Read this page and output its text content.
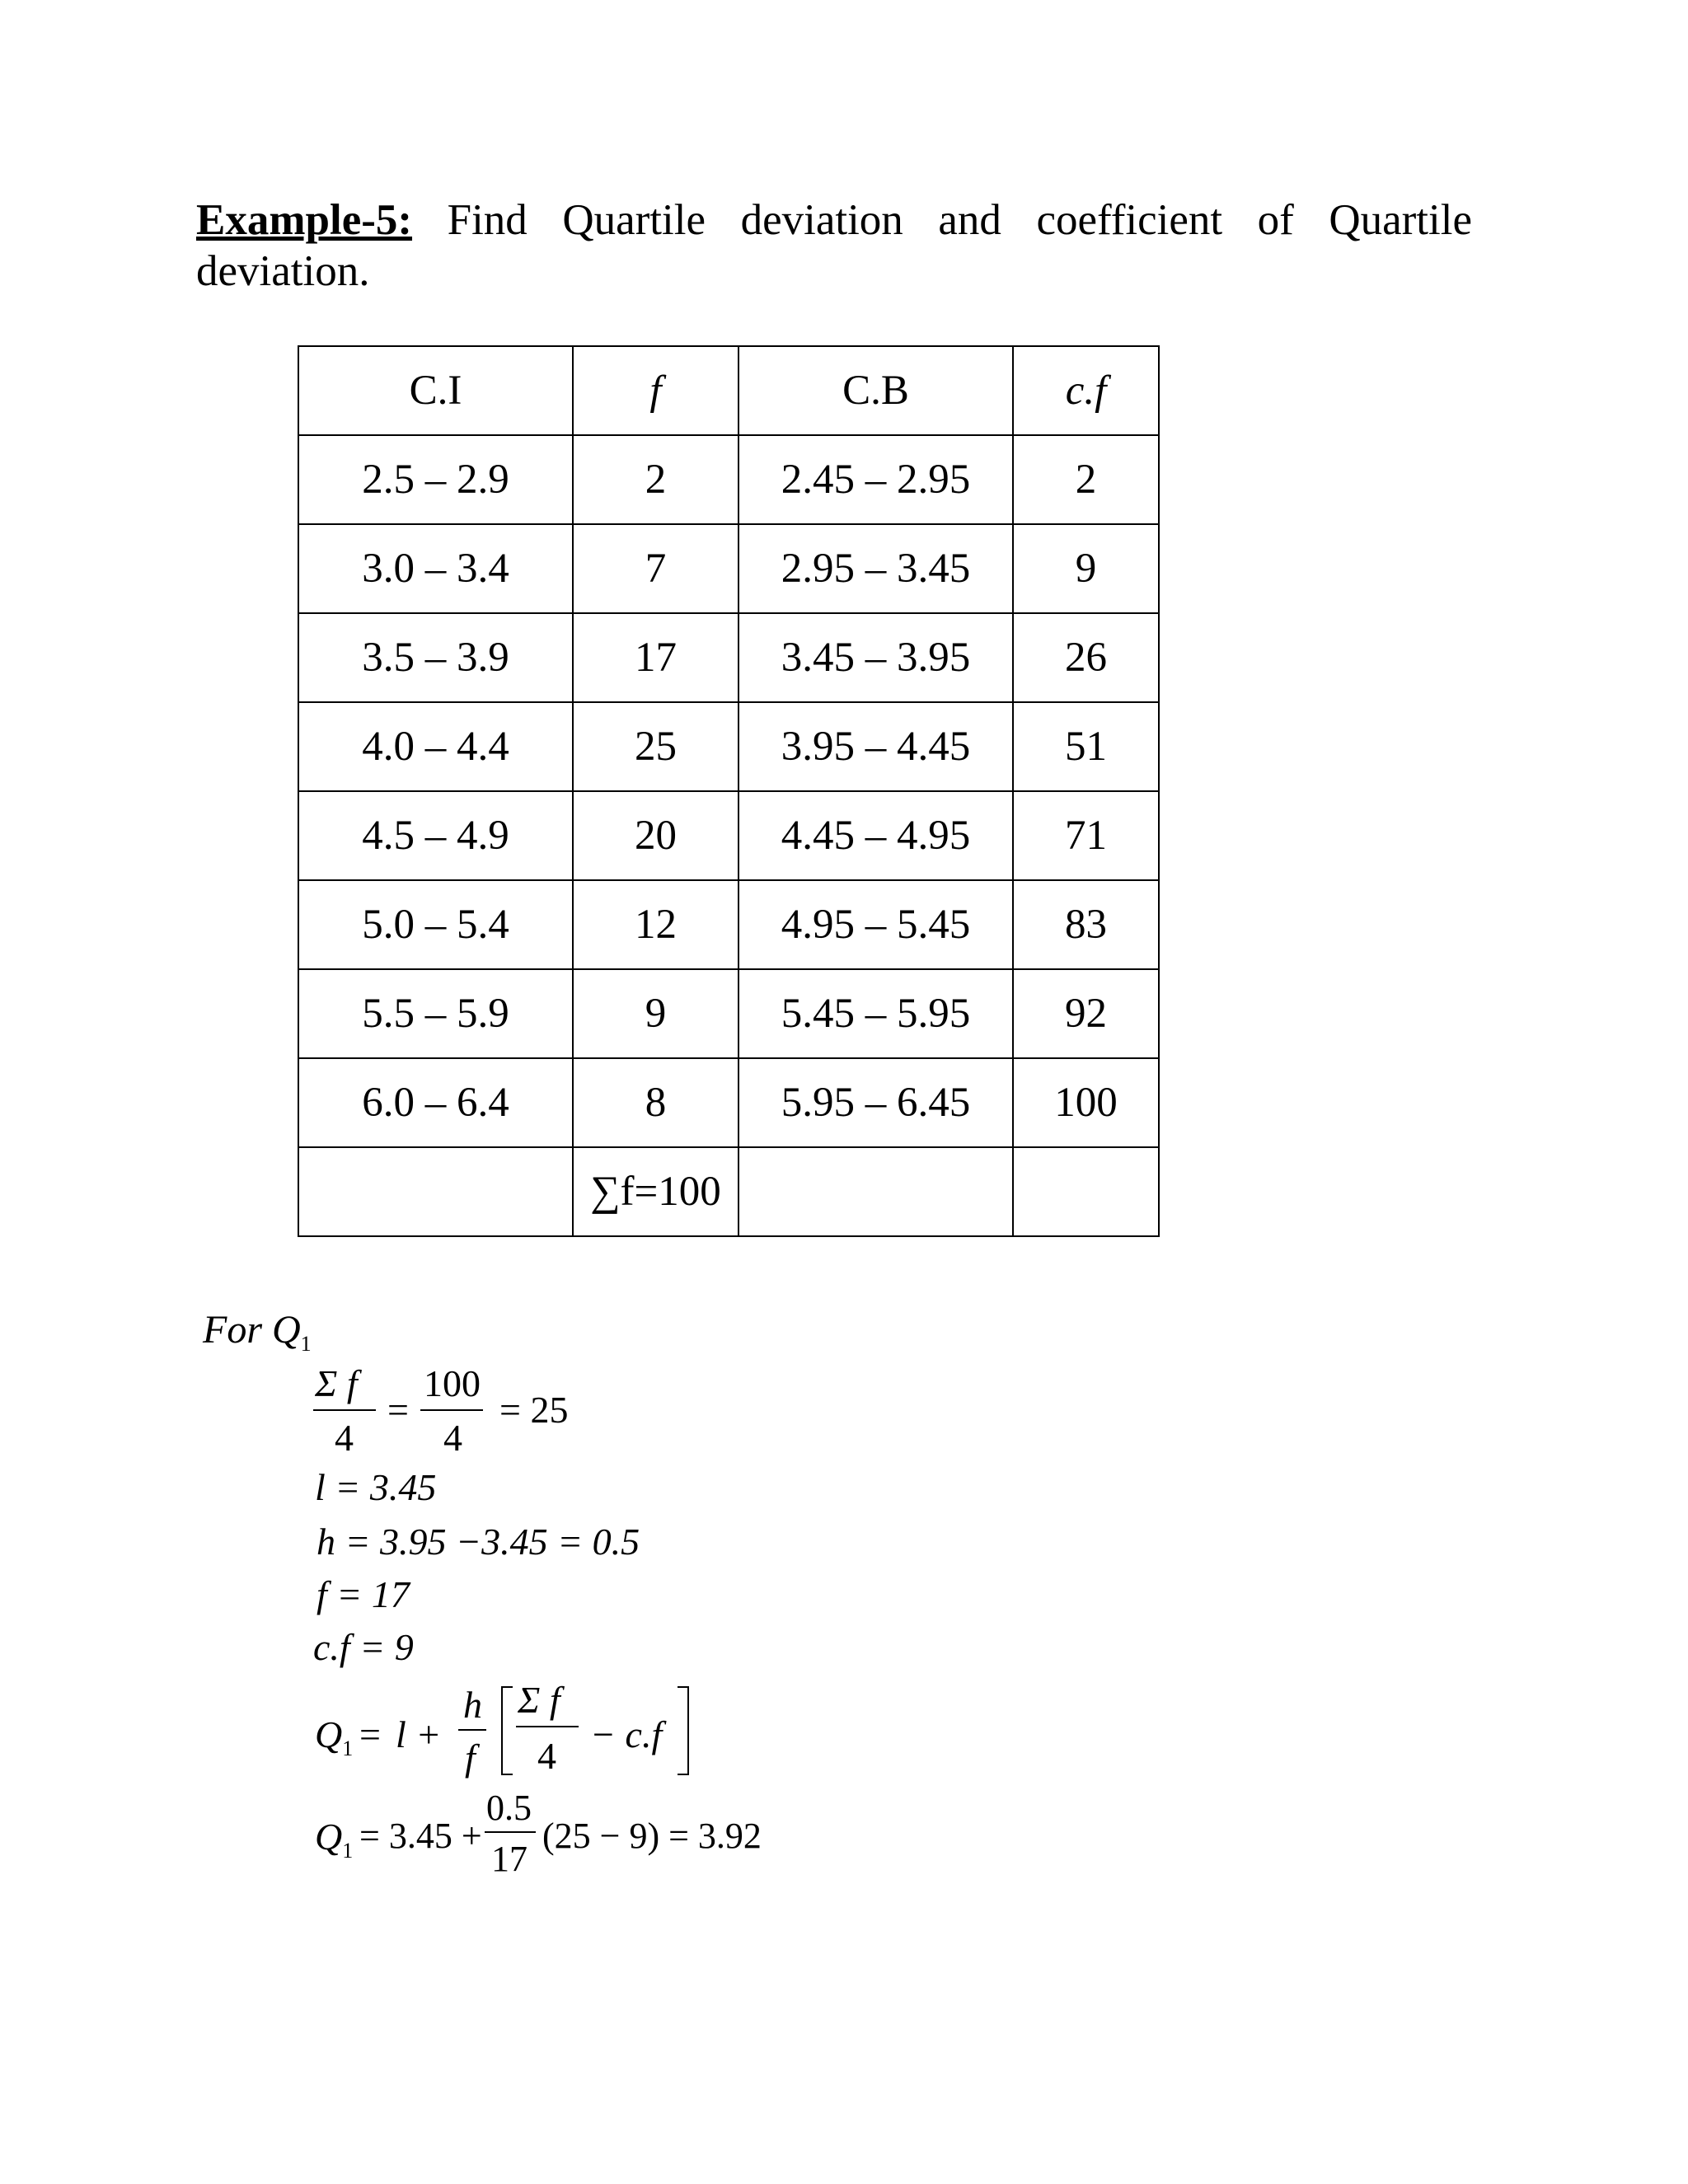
Example-5: Find Quartile deviation and coefficient of Quartile deviation.
C.I	f	C.B	c.f
2.5 – 2.9	2	2.45 – 2.95	2
3.0 – 3.4	7	2.95 – 3.45	9
3.5 – 3.9	17	3.45 – 3.95	26
4.0 – 4.4	25	3.95 – 4.45	51
4.5 – 4.9	20	4.45 – 4.95	71
5.0 – 5.4	12	4.95 – 5.45	83
5.5 – 5.9	9	5.45 – 5.95	92
6.0 – 6.4	8	5.95 – 6.45	100
	∑f=100		
For $Q_1$
Σ f
4
=
100
4
= 25
l = 3.45
h = 3.95 −3.45 = 0.5
f = 17
c.f = 9
$Q_1 = l$ +
h
f
Σ f
4
− c.f
$Q_1 = 3.45$ +
0.5
17
(25 − 9) = 3.92
